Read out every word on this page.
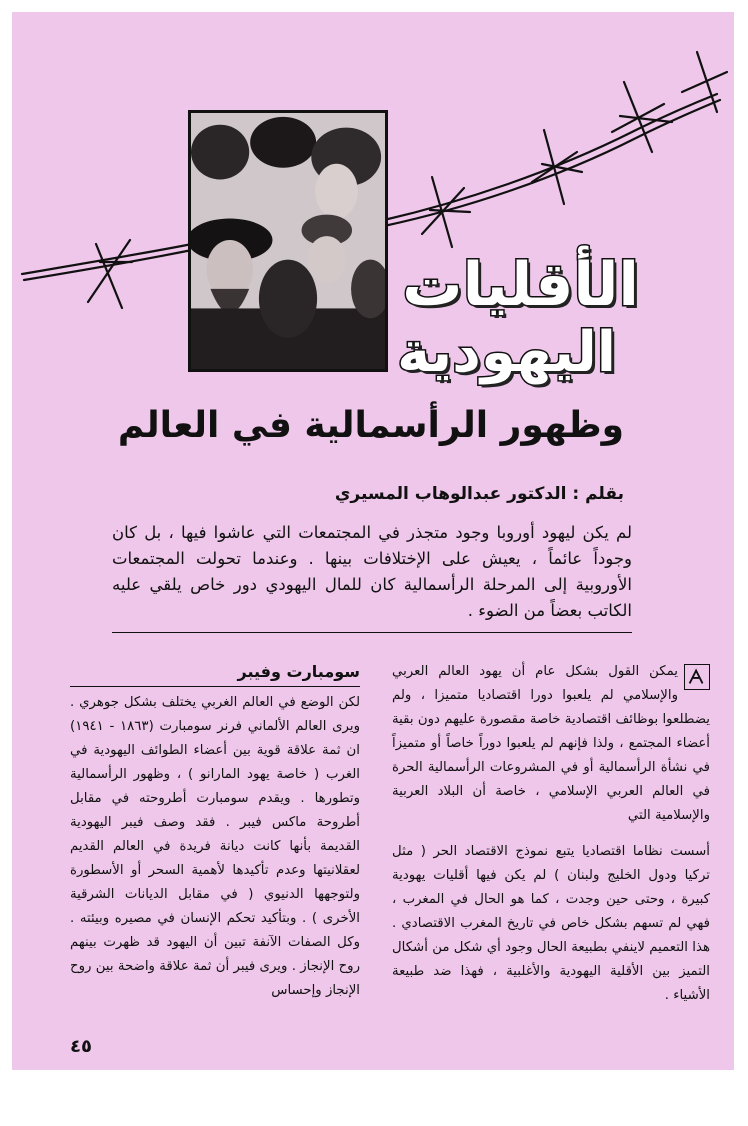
الأقليات
اليهودية
وظهور الرأسمالية في العالم
بقلم : الدكتور عبدالوهاب المسيري

لم يكن ليهود أوروبا وجود متجذر في المجتمعات التي عاشوا فيها ، بل كان وجوداً عائماً ، يعيش على الإختلافات بينها . وعندما تحولت المجتمعات الأوروبية إلى المرحلة الرأسمالية كان للمال اليهودي دور خاص يلقي عليه الكاتب بعضاً من الضوء .

يمكن القول بشكل عام أن يهود العالم العربي والإسلامي لم يلعبوا دورا اقتصاديا متميزا ، ولم يضطلعوا بوظائف اقتصادية خاصة مقصورة عليهم دون بقية أعضاء المجتمع ، ولذا فإنهم لم يلعبوا دوراً خاصاً أو متميزاً في نشأة الرأسمالية أو في المشروعات الرأسمالية الحرة في العالم العربي الإسلامي ، خاصة أن البلاد العربية والإسلامية التي

أسست نظاما اقتصاديا يتبع نموذج الاقتصاد الحر ( مثل تركيا ودول الخليج ولبنان ) لم يكن فيها أقليات يهودية كبيرة ، وحتى حين وجدت ، كما هو الحال في المغرب ، فهي لم تسهم بشكل خاص في تاريخ المغرب الاقتصادي . هذا التعميم لاينفي بطبيعة الحال وجود أي شكل من أشكال التميز بين الأقلية اليهودية والأغلبية ، فهذا ضد طبيعة الأشياء .

سومبارت وفيبر

لكن الوضع في العالم الغربي يختلف بشكل جوهري . ويرى العالم الألماني فرنر سومبارت (١٨٦٣ - ١٩٤١) ان ثمة علاقة قوية بين أعضاء الطوائف اليهودية في الغرب ( خاصة يهود المارانو ) ، وظهور الرأسمالية وتطورها . ويقدم سومبارت أطروحته في مقابل أطروحة ماكس فيبر . فقد وصف فيبر اليهودية القديمة بأنها كانت ديانة فريدة في العالم القديم لعقلانيتها وعدم تأكيدها لأهمية السحر أو الأسطورة ولتوجهها الدنيوي ( في مقابل الديانات الشرقية الأخرى ) . وبتأكيد تحكم الإنسان في مصيره وبيئته . وكل الصفات الآنفة تبين أن اليهود قد ظهرت بينهم روح الإنجاز . ويرى فيبر أن ثمة علاقة واضحة بين روح الإنجاز وإحساس

٤٥
